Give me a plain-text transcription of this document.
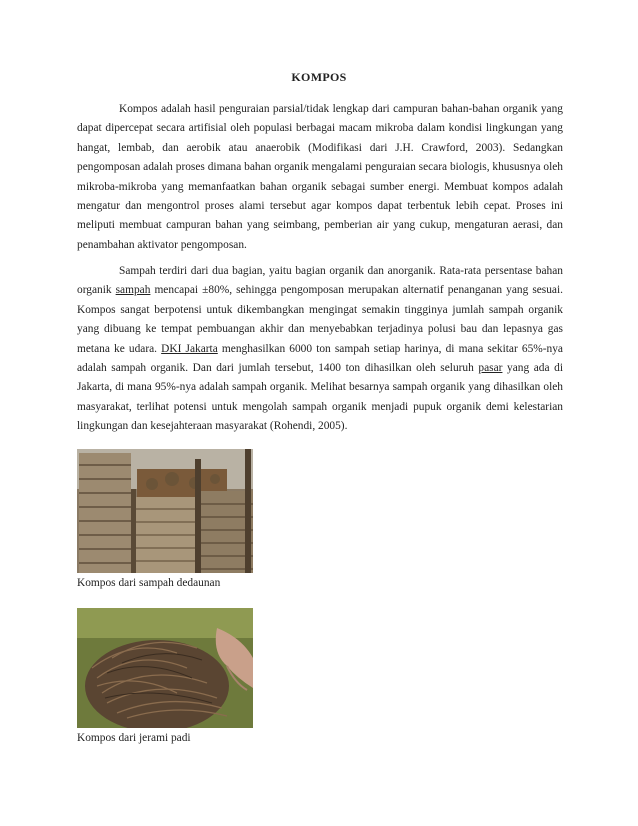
KOMPOS

Kompos adalah hasil penguraian parsial/tidak lengkap dari campuran bahan-bahan organik yang dapat dipercepat secara artifisial oleh populasi berbagai macam mikroba dalam kondisi lingkungan yang hangat, lembab, dan aerobik atau anaerobik (Modifikasi dari J.H. Crawford, 2003). Sedangkan pengomposan adalah proses dimana bahan organik mengalami penguraian secara biologis, khususnya oleh mikroba-mikroba yang memanfaatkan bahan organik sebagai sumber energi. Membuat kompos adalah mengatur dan mengontrol proses alami tersebut agar kompos dapat terbentuk lebih cepat. Proses ini meliputi membuat campuran bahan yang seimbang, pemberian air yang cukup, mengaturan aerasi, dan penambahan aktivator pengomposan.

Sampah terdiri dari dua bagian, yaitu bagian organik dan anorganik. Rata-rata persentase bahan organik sampah mencapai ±80%, sehingga pengomposan merupakan alternatif penanganan yang sesuai. Kompos sangat berpotensi untuk dikembangkan mengingat semakin tingginya jumlah sampah organik yang dibuang ke tempat pembuangan akhir dan menyebabkan terjadinya polusi bau dan lepasnya gas metana ke udara. DKI Jakarta menghasilkan 6000 ton sampah setiap harinya, di mana sekitar 65%-nya adalah sampah organik. Dan dari jumlah tersebut, 1400 ton dihasilkan oleh seluruh pasar yang ada di Jakarta, di mana 95%-nya adalah sampah organik. Melihat besarnya sampah organik yang dihasilkan oleh masyarakat, terlihat potensi untuk mengolah sampah organik menjadi pupuk organik demi kelestarian lingkungan dan kesejahteraan masyarakat (Rohendi, 2005).

Kompos dari sampah dedaunan
Kompos dari jerami padi
